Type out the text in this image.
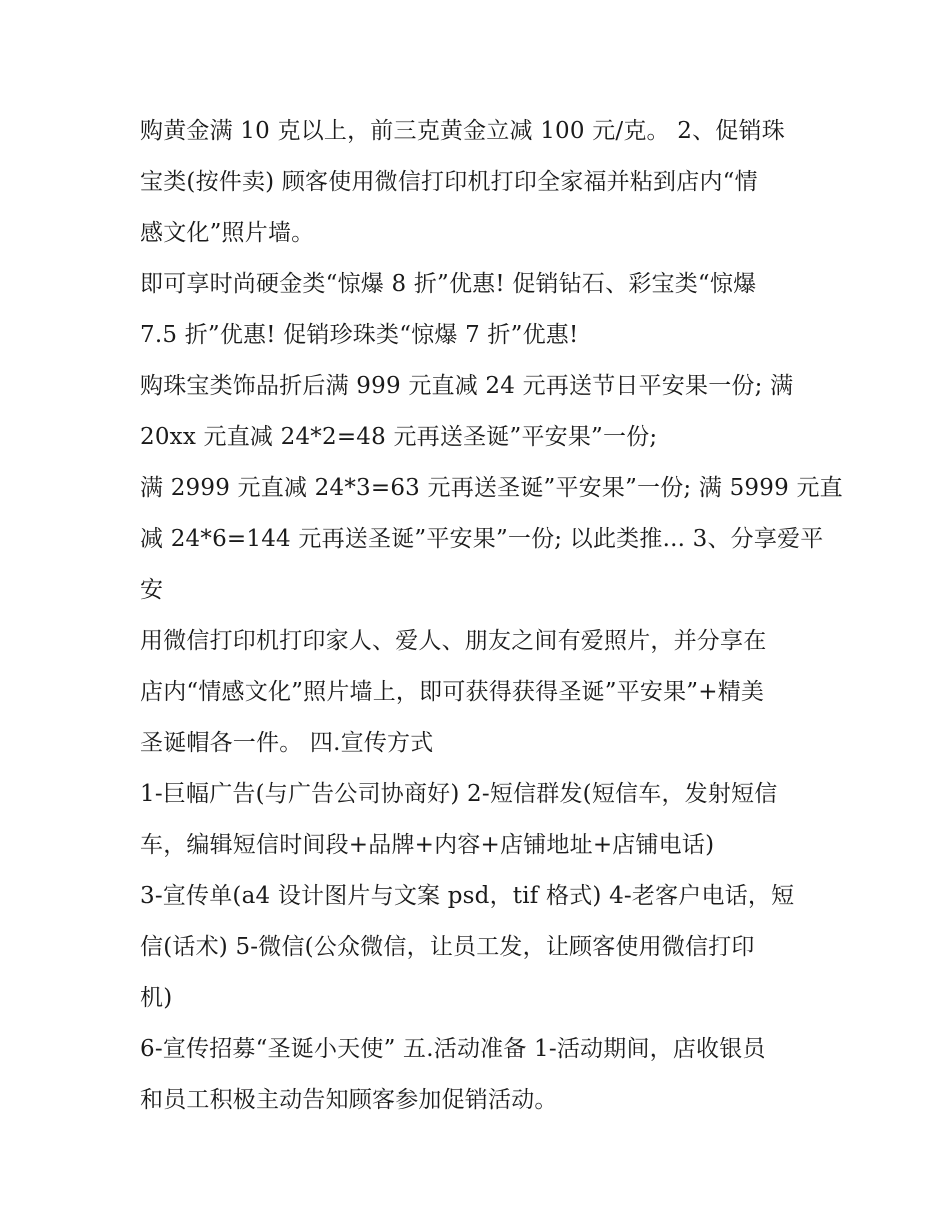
购黄金满 10 克以上，前三克黄金立减 100 元/克。 2、促销珠
宝类(按件卖) 顾客使用微信打印机打印全家福并粘到店内“情
感文化”照片墙。
即可享时尚硬金类“惊爆 8 折”优惠! 促销钻石、彩宝类“惊爆
7.5 折”优惠! 促销珍珠类“惊爆 7 折”优惠!
购珠宝类饰品折后满 999 元直减 24 元再送节日平安果一份; 满
20xx 元直减 24*2=48 元再送圣诞”平安果”一份;
满 2999 元直减 24*3=63 元再送圣诞”平安果”一份; 满 5999 元直
减 24*6=144 元再送圣诞”平安果”一份; 以此类推... 3、分享爱平
安
用微信打印机打印家人、爱人、朋友之间有爱照片，并分享在
店内“情感文化”照片墙上，即可获得获得圣诞”平安果”+精美
圣诞帽各一件。 四.宣传方式
1-巨幅广告(与广告公司协商好) 2-短信群发(短信车，发射短信
车，编辑短信时间段+品牌+内容+店铺地址+店铺电话)
3-宣传单(a4 设计图片与文案 psd，tif 格式) 4-老客户电话，短
信(话术) 5-微信(公众微信，让员工发，让顾客使用微信打印
机)
6-宣传招募“圣诞小天使” 五.活动准备 1-活动期间，店收银员
和员工积极主动告知顾客参加促销活动。
